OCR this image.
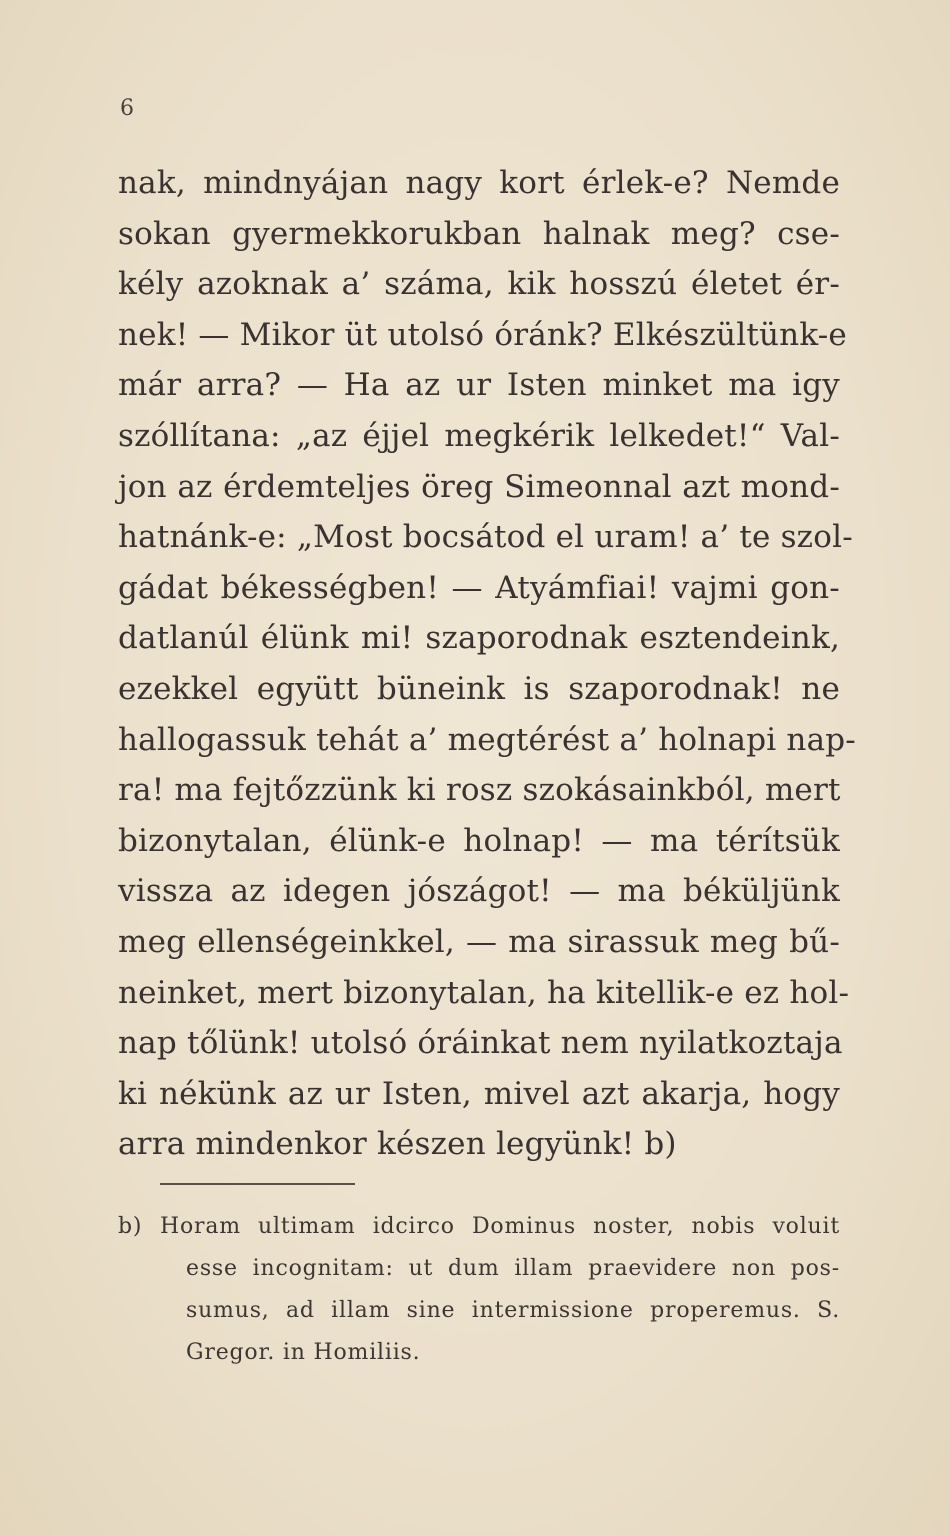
6
nak, mindnyájan nagy kort érlek-e? Nemde
sokan gyermekkorukban halnak meg? cse-
kély azoknak a’ száma, kik hosszú életet ér-
nek! — Mikor üt utolsó óránk? Elkészültünk-e
már arra? — Ha az ur Isten minket ma igy
szóllítana: „az éjjel megkérik lelkedet!“ Val-
jon az érdemteljes öreg Simeonnal azt mond-
hatnánk-e: „Most bocsátod el uram! a’ te szol-
gádat békességben! — Atyámfiai! vajmi gon-
datlanúl élünk mi! szaporodnak esztendeink,
ezekkel együtt büneink is szaporodnak! ne
hallogassuk tehát a’ megtérést a’ holnapi nap-
ra! ma fejtőzzünk ki rosz szokásainkból, mert
bizonytalan, élünk-e holnap! — ma térítsük
vissza az idegen jószágot! — ma béküljünk
meg ellenségeinkkel, — ma sirassuk meg bű-
neinket, mert bizonytalan, ha kitellik-e ez hol-
nap tőlünk! utolsó óráinkat nem nyilatkoztaja
ki nékünk az ur Isten, mivel azt akarja, hogy
arra mindenkor készen legyünk! b)
b) Horam ultimam idcirco Dominus noster, nobis voluit
esse incognitam: ut dum illam praevidere non pos-
sumus, ad illam sine intermissione properemus. S.
Gregor. in Homiliis.
